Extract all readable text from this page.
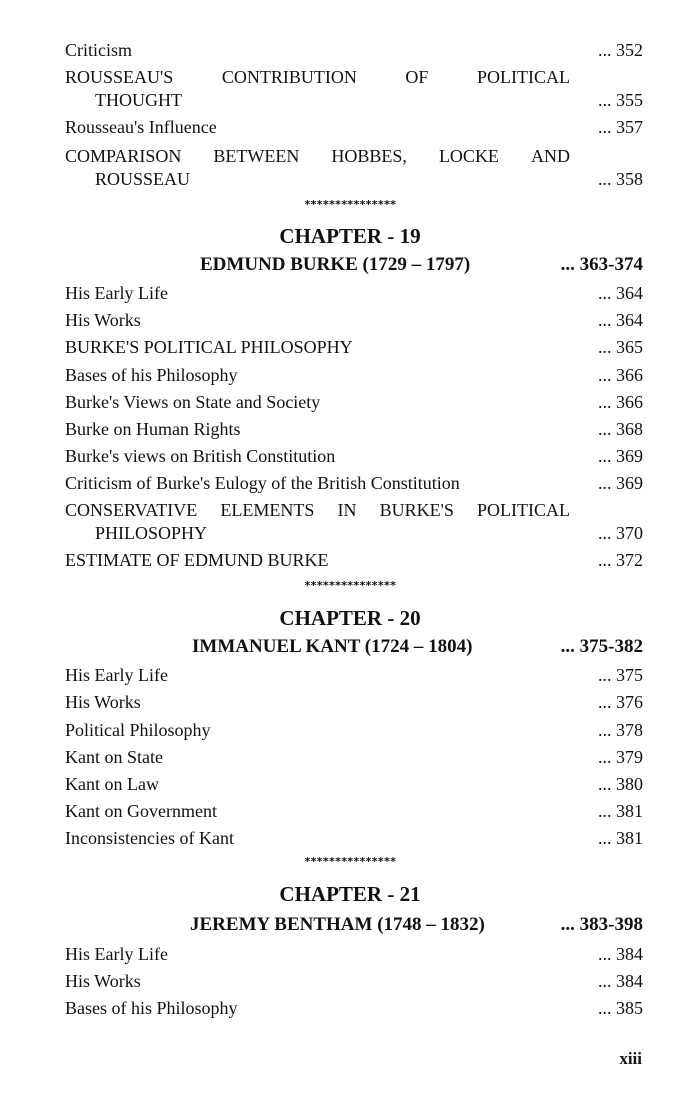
Criticism	... 352
ROUSSEAU'S	CONTRIBUTION	OF	POLITICAL
THOUGHT	... 355
Rousseau's Influence	... 357
COMPARISON BETWEEN HOBBES, LOCKE AND
ROUSSEAU	... 358
***************
CHAPTER - 19
EDMUND BURKE (1729 – 1797)	... 363-374
His Early Life	... 364
His Works	... 364
BURKE'S POLITICAL PHILOSOPHY	... 365
Bases of his Philosophy	... 366
Burke's Views on State and Society	... 366
Burke on Human Rights	... 368
Burke's views on British Constitution	... 369
Criticism of Burke's Eulogy of the British Constitution	... 369
CONSERVATIVE ELEMENTS IN BURKE'S POLITICAL
PHILOSOPHY	... 370
ESTIMATE OF EDMUND BURKE	... 372
***************
CHAPTER - 20
IMMANUEL KANT (1724 – 1804)	... 375-382
His Early Life	... 375
His Works	... 376
Political Philosophy	... 378
Kant on State	... 379
Kant on Law	... 380
Kant on Government	... 381
Inconsistencies of Kant	... 381
***************
CHAPTER - 21
JEREMY BENTHAM (1748 – 1832)	... 383-398
His Early Life	... 384
His Works	... 384
Bases of his Philosophy	... 385
xiii
